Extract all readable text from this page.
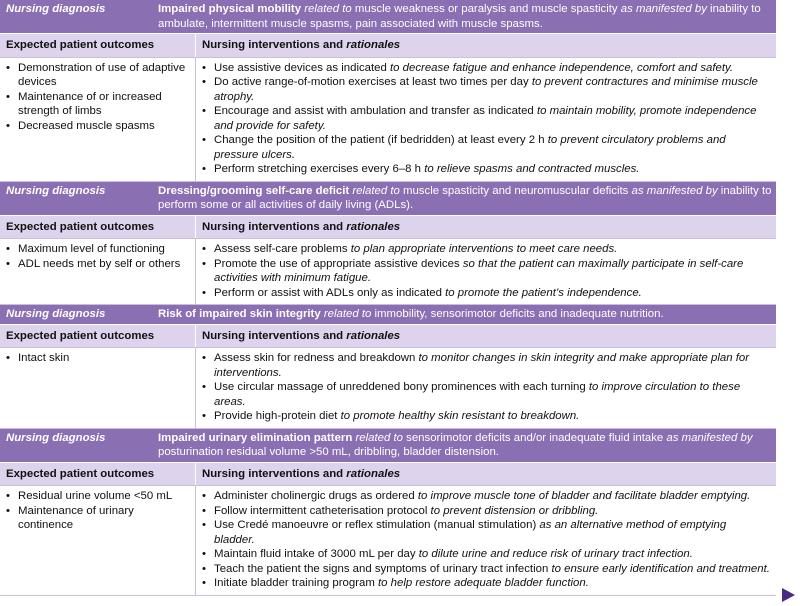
Nursing diagnosis	Impaired physical mobility related to muscle weakness or paralysis and muscle spasticity as manifested by inability to ambulate, intermittent muscle spasms, pain associated with muscle spasms.
Expected patient outcomes	Nursing interventions and rationales
• Demonstration of use of adaptive devices
• Maintenance of or increased strength of limbs
• Decreased muscle spasms
• Use assistive devices as indicated to decrease fatigue and enhance independence, comfort and safety.
• Do active range-of-motion exercises at least two times per day to prevent contractures and minimise muscle atrophy.
• Encourage and assist with ambulation and transfer as indicated to maintain mobility, promote independence and provide for safety.
• Change the position of the patient (if bedridden) at least every 2 h to prevent circulatory problems and pressure ulcers.
• Perform stretching exercises every 6–8 h to relieve spasms and contracted muscles.
Nursing diagnosis	Dressing/grooming self-care deficit related to muscle spasticity and neuromuscular deficits as manifested by inability to perform some or all activities of daily living (ADLs).
Expected patient outcomes	Nursing interventions and rationales
• Maximum level of functioning
• ADL needs met by self or others
• Assess self-care problems to plan appropriate interventions to meet care needs.
• Promote the use of appropriate assistive devices so that the patient can maximally participate in self-care activities with minimum fatigue.
• Perform or assist with ADLs only as indicated to promote the patient’s independence.
Nursing diagnosis	Risk of impaired skin integrity related to immobility, sensorimotor deficits and inadequate nutrition.
Expected patient outcomes	Nursing interventions and rationales
• Intact skin
•	Assess skin for redness and breakdown to monitor changes in skin integrity and make appropriate plan for interventions.
• Use circular massage of unreddened bony prominences with each turning to improve circulation to these areas.
• Provide high-protein diet to promote healthy skin resistant to breakdown.
Nursing diagnosis	Impaired urinary elimination pattern related to sensorimotor deficits and/or inadequate fluid intake as manifested by posturination residual volume >50 mL, dribbling, bladder distension.
Expected patient outcomes	Nursing interventions and rationales
• Residual urine volume <50 mL
• Maintenance of urinary continence
• Administer cholinergic drugs as ordered to improve muscle tone of bladder and facilitate bladder emptying.
• Follow intermittent catheterisation protocol to prevent distension or dribbling.
• Use Credé manoeuvre or reflex stimulation (manual stimulation) as an alternative method of emptying bladder.
• Maintain fluid intake of 3000 mL per day to dilute urine and reduce risk of urinary tract infection.
• Teach the patient the signs and symptoms of urinary tract infection to ensure early identification and treatment.
• Initiate bladder training program to help restore adequate bladder function.
